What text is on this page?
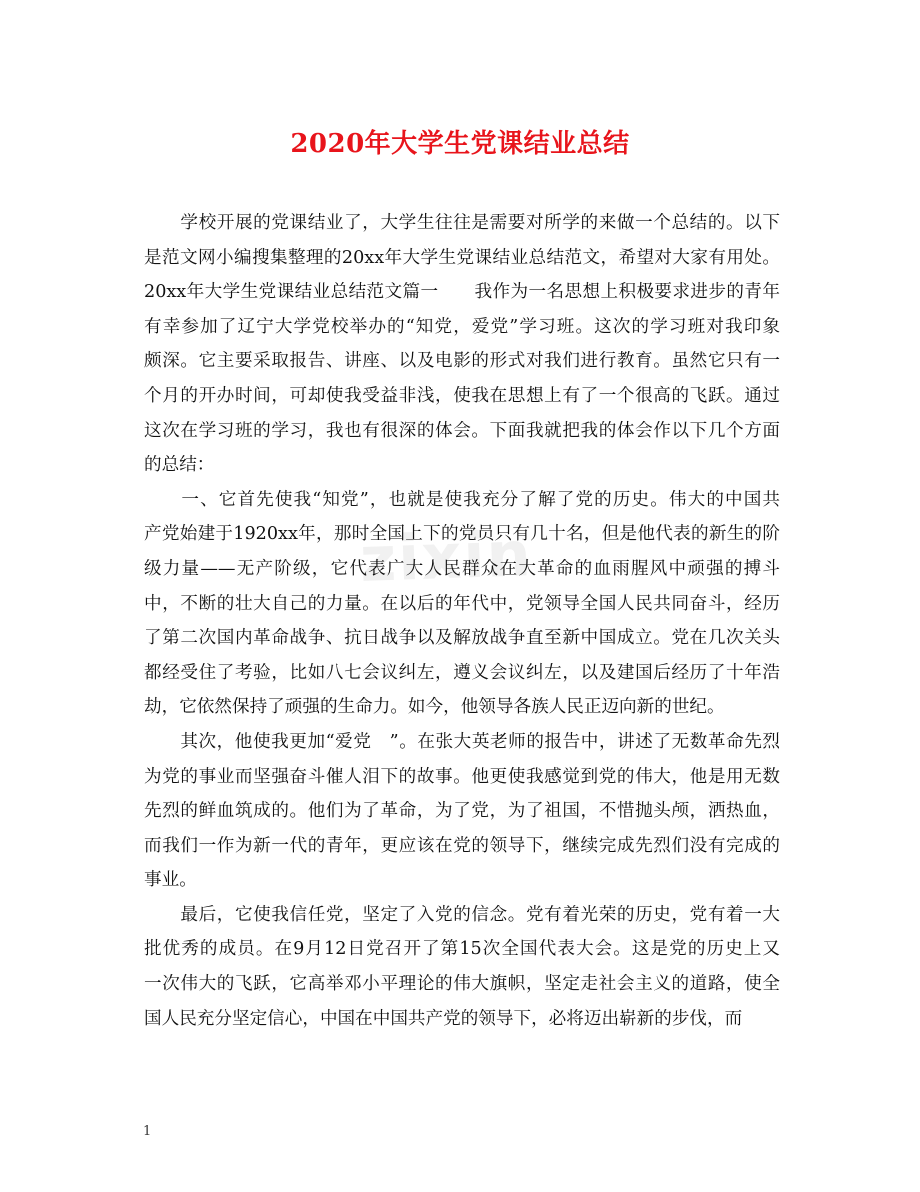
2020年大学生党课结业总结
zixin
　　学校开展的党课结业了，大学生往往是需要对所学的来做一个总结的。以下
是范文网小编搜集整理的20xx年大学生党课结业总结范文，希望对大家有用处。
20xx年大学生党课结业总结范文篇一　　我作为一名思想上积极要求进步的青年
有幸参加了辽宁大学党校举办的“知党，爱党”学习班。这次的学习班对我印象
颇深。它主要采取报告、讲座、以及电影的形式对我们进行教育。虽然它只有一
个月的开办时间，可却使我受益非浅，使我在思想上有了一个很高的飞跃。通过
这次在学习班的学习，我也有很深的体会。下面我就把我的体会作以下几个方面
的总结：
　　一、它首先使我“知党”，也就是使我充分了解了党的历史。伟大的中国共
产党始建于1920xx年，那时全国上下的党员只有几十名，但是他代表的新生的阶
级力量——无产阶级，它代表广大人民群众在大革命的血雨腥风中顽强的搏斗
中，不断的壮大自己的力量。在以后的年代中，党领导全国人民共同奋斗，经历
了第二次国内革命战争、抗日战争以及解放战争直至新中国成立。党在几次关头
都经受住了考验，比如八七会议纠左，遵义会议纠左，以及建国后经历了十年浩
劫，它依然保持了顽强的生命力。如今，他领导各族人民正迈向新的世纪。
　　其次，他使我更加“爱党　”。在张大英老师的报告中，讲述了无数革命先烈
为党的事业而坚强奋斗催人泪下的故事。他更使我感觉到党的伟大，他是用无数
先烈的鲜血筑成的。他们为了革命，为了党，为了祖国，不惜抛头颅，洒热血，
而我们一作为新一代的青年，更应该在党的领导下，继续完成先烈们没有完成的
事业。
　　最后，它使我信任党，坚定了入党的信念。党有着光荣的历史，党有着一大
批优秀的成员。在9月12日党召开了第15次全国代表大会。这是党的历史上又
一次伟大的飞跃，它高举邓小平理论的伟大旗帜，坚定走社会主义的道路，使全
国人民充分坚定信心，中国在中国共产党的领导下，必将迈出崭新的步伐，而
1
